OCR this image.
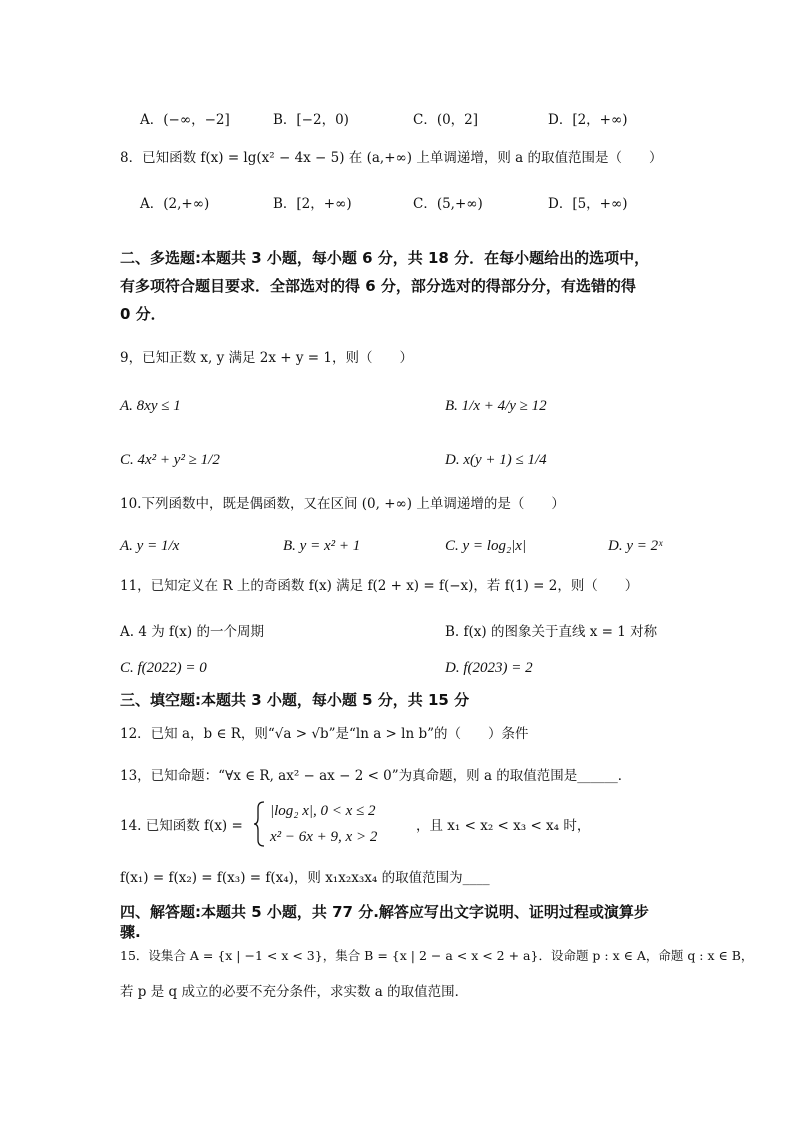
A．(−∞，−2]	B．[−2，0)	C．(0，2]	D．[2，+∞)
8．已知函数 f(x) = lg(x² − 4x − 5) 在 (a,+∞) 上单调递增，则 a 的取值范围是（　　）
A．(2,+∞)	B．[2，+∞)	C．(5,+∞)	D．[5，+∞)
二、多选题:本题共 3 小题，每小题 6 分，共 18 分．在每小题给出的选项中，
有多项符合题目要求．全部选对的得 6 分，部分选对的得部分分，有选错的得
0 分．
9，已知正数 x, y 满足 2x + y = 1，则（　　）
A. 8xy ≤ 1	B. 1/x + 4/y ≥ 12
C. 4x² + y² ≥ 1/2	D. x(y + 1) ≤ 1/4
10.下列函数中，既是偶函数，又在区间 (0, +∞) 上单调递增的是（　　）
A. y = 1/x	B. y = x² + 1	C. y = log₂|x|	D. y = 2ˣ
11，已知定义在 R 上的奇函数 f(x) 满足 f(2 + x) = f(−x)，若 f(1) = 2，则（　　）
A. 4 为 f(x) 的一个周期	B. f(x) 的图象关于直线 x = 1 对称
C. f(2022) = 0	D. f(2023) = 2
三、填空题:本题共 3 小题，每小题 5 分，共 15 分
12．已知 a，b ∈ R，则“√a > √b”是“ln a > ln b”的（　　）条件
13，已知命题：“∀x ∈ R, ax² − ax − 2 < 0”为真命题，则 a 的取值范围是______．
14. 已知函数 f(x) =
|log₂ x|, 0 < x ≤ 2
x² − 6x + 9, x > 2
，且 x₁ < x₂ < x₃ < x₄ 时，
f(x₁) = f(x₂) = f(x₃) = f(x₄)，则 x₁x₂x₃x₄ 的取值范围为____
四、解答题:本题共 5 小题，共 77 分.解答应写出文字说明、证明过程或演算步
骤.
15．设集合 A = {x | −1 < x < 3}，集合 B = {x | 2 − a < x < 2 + a}．设命题 p : x ∈ A，命题 q : x ∈ B，
若 p 是 q 成立的必要不充分条件，求实数 a 的取值范围．
